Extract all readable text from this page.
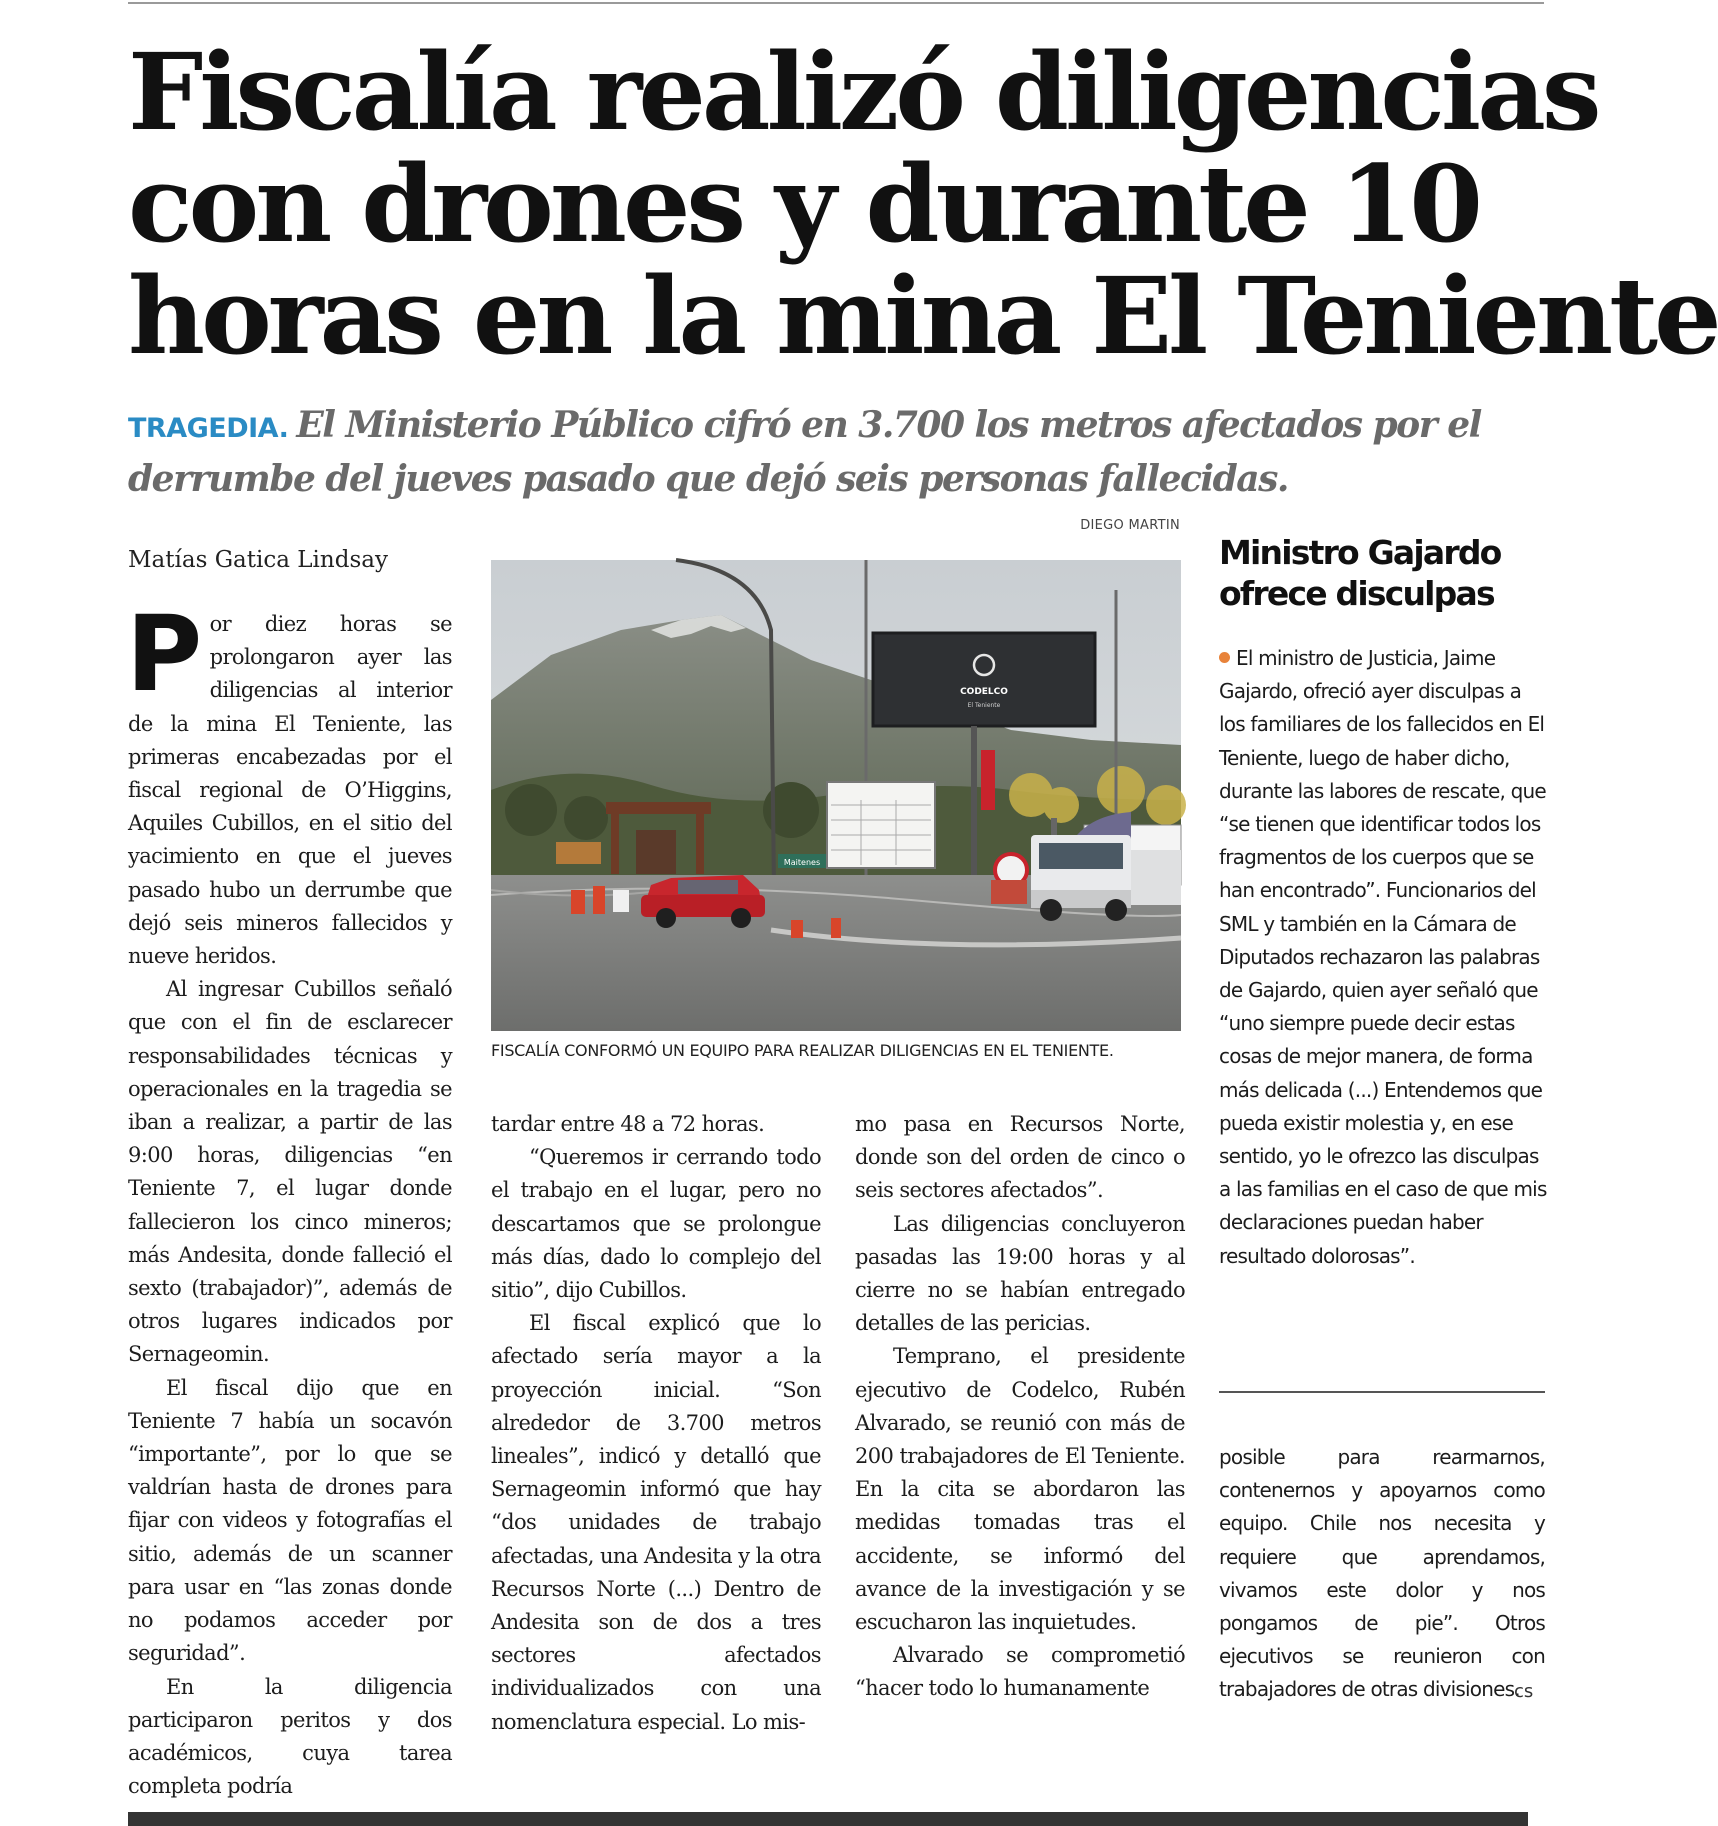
Fiscalía realizó diligencias
con drones y durante 10
horas en la mina El Teniente

TRAGEDIA. El Ministerio Público cifró en 3.700 los metros afectados por el derrumbe del jueves pasado que dejó seis personas fallecidas.

Matías Gatica Lindsay

Por diez horas se prolongaron ayer las diligencias al interior de la mina El Teniente, las primeras encabezadas por el fiscal regional de O’Higgins, Aquiles Cubillos, en el sitio del yacimiento en que el jueves pasado hubo un derrumbe que dejó seis mineros fallecidos y nueve heridos.

Al ingresar Cubillos señaló que con el fin de esclarecer responsabilidades técnicas y operacionales en la tragedia se iban a realizar, a partir de las 9:00 horas, diligencias “en Teniente 7, el lugar donde fallecieron los cinco mineros; más Andesita, donde falleció el sexto (trabajador)”, además de otros lugares indicados por Sernageomin.

El fiscal dijo que en Teniente 7 había un socavón “importante”, por lo que se valdrían hasta de drones para fijar con videos y fotografías el sitio, además de un scanner para usar en “las zonas donde no podamos acceder por seguridad”.

En la diligencia participaron peritos y dos académicos, cuya tarea completa podría

DIEGO MARTIN
CODELCO
El Teniente
Maitenes
FISCALÍA CONFORMÓ UN EQUIPO PARA REALIZAR DILIGENCIAS EN EL TENIENTE.

tardar entre 48 a 72 horas.

“Queremos ir cerrando todo el trabajo en el lugar, pero no descartamos que se prolongue más días, dado lo complejo del sitio”, dijo Cubillos.

El fiscal explicó que lo afectado sería mayor a la proyección inicial. “Son alrededor de 3.700 metros lineales”, indicó y detalló que Sernageomin informó que hay “dos unidades de trabajo afectadas, una Andesita y la otra Recursos Norte (...) Dentro de Andesita son de dos a tres sectores afectados individualizados con una nomenclatura especial. Lo mis-

mo pasa en Recursos Norte, donde son del orden de cinco o seis sectores afectados”.

Las diligencias concluyeron pasadas las 19:00 horas y al cierre no se habían entregado detalles de las pericias.

Temprano, el presidente ejecutivo de Codelco, Rubén Alvarado, se reunió con más de 200 trabajadores de El Teniente. En la cita se abordaron las medidas tomadas tras el accidente, se informó del avance de la investigación y se escucharon las inquietudes.

Alvarado se comprometió “hacer todo lo humanamente

Ministro Gajardo ofrece disculpas

El ministro de Justicia, Jaime Gajardo, ofreció ayer disculpas a los familiares de los fallecidos en El Teniente, luego de haber dicho, durante las labores de rescate, que “se tienen que identificar todos los fragmentos de los cuerpos que se han encontrado”. Funcionarios del SML y también en la Cámara de Diputados rechazaron las palabras de Gajardo, quien ayer señaló que “uno siempre puede decir estas cosas de mejor manera, de forma más delicada (...) Entendemos que pueda existir molestia y, en ese sentido, yo le ofrezco las disculpas a las familias en el caso de que mis declaraciones puedan haber resultado dolorosas”.

posible para rearmarnos, contenernos y apoyarnos como equipo. Chile nos necesita y requiere que aprendamos, vivamos este dolor y nos pongamos de pie”. Otros ejecutivos se reunieron con trabajadores de otras divisiones.

cs
